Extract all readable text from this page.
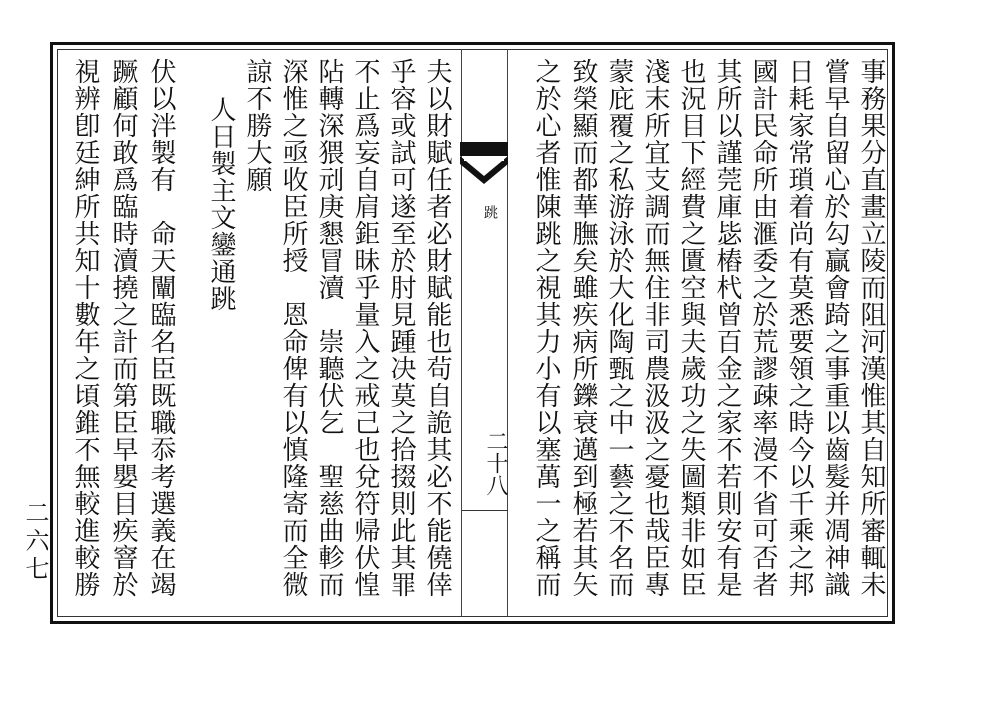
事務果分直畫立陵而阻河漢惟其自知所審輒未
嘗早自留心於勾贏會踦之事重以齒髮并凋神識
日耗家常瑣着尚有莫悉要領之時今以千乘之邦
國計民命所由滙委之於荒謬疎率漫不省可否者
其所以謹莞庫毖樁杙曾百金之家不若則安有是
也況目下經費之匱空與夫歲功之失圖類非如臣
淺末所宜支調而無住非司農汲汲之憂也哉臣專
蒙庇覆之私游泳於大化陶甄之中一藝之不名而
致榮顯而都華膴矣雖疾病所鑠衰邁到極若其矢
之於心者惟陳跳之視其力小有以塞萬一之稱而
跳
二十八
夫以財賦任者必財賦能也茍自詭其必不能僥倖
乎容或試可遂至於肘見踵决莫之拾掇則此其罪
不止爲妄自肩鉅昧乎量入之戒己也兌符帰伏惶
阽轉深猥刓庚懇冒瀆　崇聽伏乞　聖慈曲軫而
深惟之亟收臣所授　恩命俾有以慎隆寄而全微
諒不勝大願
人日製主文鑾通跳
伏以泮製有　命天闡臨名臣既職忝考選義在竭
蹶顧何敢爲臨時瀆撓之計而第臣早嬰目疾窨於
視辨卽廷紳所共知十數年之頃錐不無較進較勝
二六七
